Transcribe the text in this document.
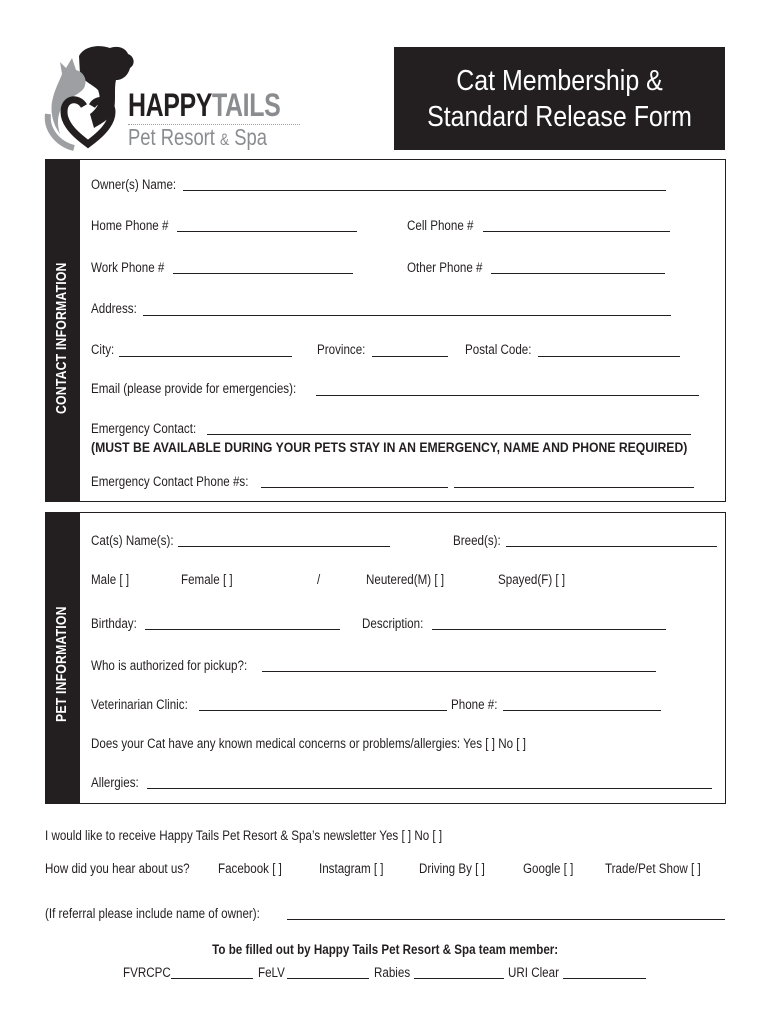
HAPPYTAILS
Pet Resort & Spa
Cat Membership &
Standard Release Form
CONTACT INFORMATION
Owner(s) Name:
Home Phone #	Cell Phone #
Work Phone #	Other Phone #
Address:
City:	Province:	Postal Code:
Email (please provide for emergencies):
Emergency Contact:
(MUST BE AVAILABLE DURING YOUR PETS STAY IN AN EMERGENCY, NAME AND PHONE REQUIRED)
Emergency Contact Phone #s:
PET INFORMATION
Cat(s) Name(s):	Breed(s):
Male [ ]	Female [ ]	/	Neutered(M) [ ]	Spayed(F) [ ]
Birthday:	Description:
Who is authorized for pickup?:
Veterinarian Clinic:	Phone #:
Does your Cat have any known medical concerns or problems/allergies: Yes [ ] No [ ]
Allergies:
I would like to receive Happy Tails Pet Resort & Spa’s newsletter Yes [ ] No [ ]
How did you hear about us? Facebook [ ]	Instagram [ ]	Driving By [ ]	Google [ ] Trade/Pet Show [ ]
(If referral please include name of owner):
To be filled out by Happy Tails Pet Resort & Spa team member:
FVRCPC	FeLV	Rabies	URI Clear
